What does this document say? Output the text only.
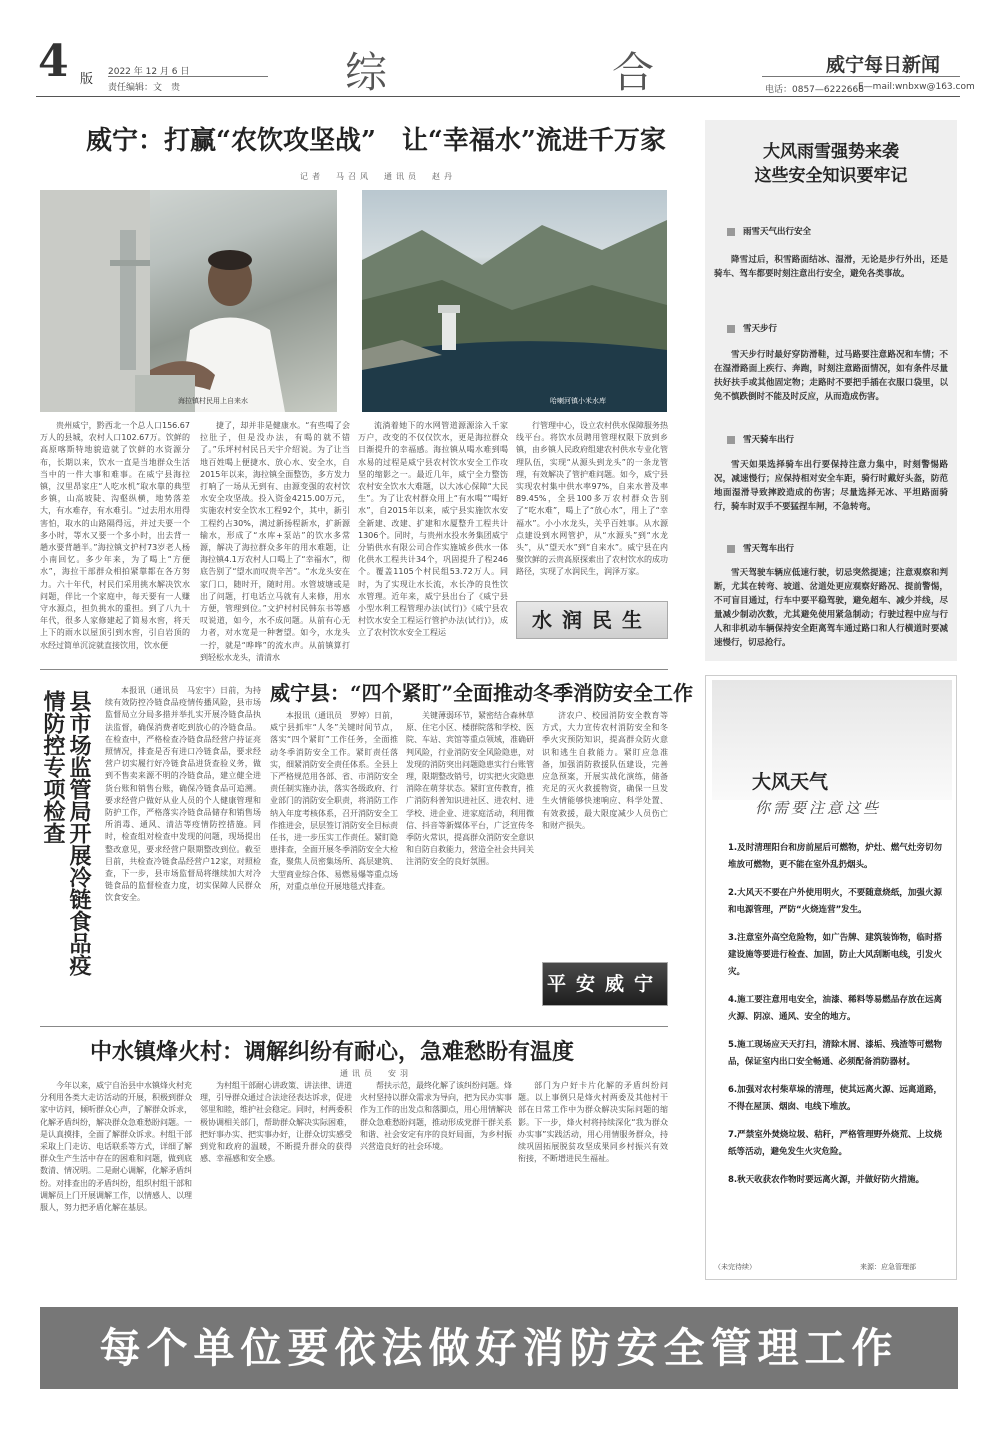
4 版 2022 年 12 月 6 日
责任编辑：文　贵	综	合	威宁每日新闻
电话：0857—6222668
E—mail:wnbxw@163.com
威宁：打赢“农饮攻坚战”　让“幸福水”流进千万家
记者　马召风　通讯员　赵丹
海拉镇村民用上自来水	哈喇河镇小米水库

贵州威宁，黔西北一个总人口156.67万人的县城，农村人口102.67万。饮鲜的高原喀斯特地貌造就了饮鲜的水资源分布，长期以来，饮水一直是当地群众生活当中的一件大事和难事。在威宁县海拉镇，汉里昂家庄“人吃水机”取水靠的典型乡镇，山高坡陡、沟壑纵横，地势落差大，有水难存，有水难引。“过去用水用得害怕，取水的山路隔得远，并过夫要一个多小时，等水又要一个多小时，出去背一趟水要背趟半。”海拉镇文护村73岁老人杨小南回忆。多少年来，为了喝上“方便水”，海拉干部群众相拍紧靠都在各方努力。六十年代，村民们采用挑水解决饮水问题，伴比一个家庭中，每天要有一人赚守水源点，担负挑水的重担。到了八九十年代，很多人家修建起了简易水窖，将天上下的雨水以屋顶引到水窖，引自岩顶的水经过简单沉淀就直接饮用，饮水便

捷了，却并非是健康水。“有些喝了会拉肚子，但是没办法，有喝的就不错了。”乐坪村村民吕天宇介绍说。为了让当地百姓喝上便捷水、放心水、安全水，自2015年以来，海拉镇全面整饬，多方发力打响了一场从无到有、由源变强的农村饮水安全攻坚战。投入资金4215.00万元，实施农村安全饮水工程92个，其中，新引工程约占30%，满过新扬程新水，扩新源输水，形成了“水库+泵站”的饮水多常源，解决了海拉群众多年的用水难题，让海拉镇4.1万农村人口喝上了“幸福水”，彻底告别了“望水而叹贵辛苦”。“水龙头安在家门口，随时开，随时用。水管坡塘或是出了问题，打电话立马就有人来修，用水方便，管理到位。”文护村村民韩东书等感叹说道，如今，水不成问题。从前有心无力者，对水宽是一种奢望。如今，水龙头一拧，就是“哗哗”的流水声。从前镇算打到轻松水龙头，清清水

流淌着她下的水网管道源源涂入千家万户，改变的不仅仅饮水，更是海拉群众日渐提升的幸福感。海拉镇从喝水难到喝水易的过程是威宁县农村饮水安全工作攻坚的缩影之一。最近几年，威宁全力整饬农村安全饮水大难题，以大冰心保障“大民生”。为了让农村群众用上“有水喝”“喝好水”，自2015年以来，威宁县实施饮水安全新建、改建、扩建和水厦整升工程共计1306个。同时，与贵州水投水务集团威宁分销供水有限公司合作实施城乡供水一体化供水工程共计34个，巩固提升了程246个。覆盖1105个村民组53.72万人。同时，为了实现让水长流，水长净的良性饮水管理。近年来，威宁县出台了《威宁县小型水利工程管理办法(试行)》《威宁县农村饮水安全工程运行管护办法(试行)》，成立了农村饮水安全工程运

行管理中心，设立农村供水保障服务热线平台。将饮水员聘用管理权限下放到乡镇，由乡镇人民政府组建农村供水专业化管理队伍，实现“从源头到龙头”的一条龙管理，有效解决了管护难问题。如今，威宁县实现农村集中供水率97%，自来水普及率89.45%，全县100多万农村群众告别了“吃水难”，喝上了“放心水”，用上了“幸福水”。小小水龙头，关乎百姓事。从水源点建设到水网管护，从“水源头”到“水龙头”，从“望天水”到“自来水”。威宁县在内聚饮鲜的云贵高原探索出了农村饮水的成功路径，实现了水润民生，润泽万家。

水润民生
县市场监管局开展冷链食品疫情防控专项检查	本报讯（通讯员　马宏宇）日前，为持续有效防控冷链食品疫情传播风险，县市场监督局立分局多措并举扎实开展冷链食品执法监督，确保消费者吃到放心的冷链食品。在检查中，严格检查冷链食品经营户持证亮照情况，排查是否有进口冷链食品，要求经营户切实履行好冷链食品进货查验义务，做到不售卖来源不明的冷链食品，建立健全进货台账和销售台账，确保冷链食品可追溯。要求经营户做好从业人员的个人健康管理和防护工作，严格落实冷链食品储存和销售场所消毒、通风、清洁等疫情防控措施。同时，检查组对检查中发现的问题，现场提出整改意见，要求经营户限期整改到位。截至目前，共检查冷链食品经营户12家，对照检查，下一步，县市场监督局将继续加大对冷链食品的监督检查力度，切实保障人民群众饮食安全。

威宁县：“四个紧盯”全面推动冬季消防安全工作

本报讯（通讯员　罗婷）日前，威宁县抓牢“人冬”关键时间节点，落实“四个紧盯”工作任务，全面推动冬季消防安全工作。紧盯责任落实，细紧消防安全责任体系。全县上下严格规范用各部、省、市消防安全责任制实施办法，落实各级政府、行业部门的消防安全职责，将消防工作纳入年度考核体系，召开消防安全工作推进会，层层签订消防安全目标责任书，进一步压实工作责任。紧盯隐患排查，全面开展冬季消防安全大检查，聚焦人员密集场所、高层建筑、大型商业综合体、易燃易爆等重点场所，对重点单位开展地毯式排查。

关键薄弱环节，紧密结合森林草原、住宅小区、楼群院落和学校、医院、车站、宾馆等重点领域，准确研判风险，行业消防安全风险隐患，对发现的消防突出问题隐患实行台账管理，限期整改销号，切实把火灾隐患消除在萌芽状态。紧盯宣传教育，推广消防科普知识进社区、进农村、进学校、进企业、进家庭活动，利用微信、抖音等新媒体平台，广泛宣传冬季防火常识，提高群众消防安全意识和自防自救能力，营造全社会共同关注消防安全的良好氛围。

济农户、校园消防安全教育等方式，大力宣传农村消防安全和冬季火灾预防知识，提高群众防火意识和逃生自救能力。紧盯应急准备，加强消防救援队伍建设，完善应急预案，开展实战化演练，储备充足的灭火救援物资，确保一旦发生火情能够快速响应、科学处置、有效救援，最大限度减少人员伤亡和财产损失。

平安威宁
中水镇烽火村：调解纠纷有耐心，急难愁盼有温度
通讯员　安羽

今年以来，威宁自治县中水镇烽火村充分利用各类大走访活动的开展，积极到群众家中访问，倾听群众心声，了解群众诉求，化解矛盾纠纷，解决群众急难愁盼问题。一是认真摸排，全面了解群众诉求。村组干部采取上门走访、电话联系等方式，详细了解群众生产生活中存在的困难和问题，做到底数清、情况明。二是耐心调解，化解矛盾纠纷。对排查出的矛盾纠纷，组织村组干部和调解员上门开展调解工作，以情感人、以理服人，努力把矛盾化解在基层。

为村组干部耐心讲政策、讲法律、讲道理，引导群众通过合法途径表达诉求，促进邻里和睦，维护社会稳定。同时，村两委积极协调相关部门，帮助群众解决实际困难，把好事办实、把实事办好，让群众切实感受到党和政府的温暖，不断提升群众的获得感、幸福感和安全感。

帮扶示范，最终化解了该纠纷问题。烽火村坚持以群众需求为导向，把为民办实事作为工作的出发点和落脚点，用心用情解决群众急难愁盼问题，推动形成党群干群关系和谐、社会安定有序的良好局面，为乡村振兴营造良好的社会环境。

部门为户好卡片化解的矛盾纠纷问题。以上事例只是烽火村两委及其他村干部在日常工作中为群众解决实际问题的缩影。下一步，烽火村将持续深化“我为群众办实事”实践活动，用心用情服务群众，持续巩固拓展脱贫攻坚成果同乡村振兴有效衔接，不断增进民生福祉。

大风雨雪强势来袭
这些安全知识要牢记
雨雪天气出行安全

降雪过后，积雪路面结冰、湿滑，无论是步行外出，还是骑车、驾车都要时刻注意出行安全，避免各类事故。

雪天步行

雪天步行时最好穿防滑鞋，过马路要注意路况和车情；不在湿滑路面上疾行、奔跑，时刻注意路面情况，如有条件尽量扶好扶手或其他固定物；走路时不要把手插在衣服口袋里，以免不慎跌倒时不能及时反应，从而造成伤害。

雪天骑车出行

雪天如果选择骑车出行要保持注意力集中，时刻警惕路况，减速慢行；应保持相对安全车距，骑行时戴好头盔，防范地面湿滑导致摔跤造成的伤害；尽量选择无冰、平坦路面骑行，骑车时双手不要猛捏车闸，不急转弯。

雪天驾车出行

雪天驾驶车辆应低速行驶，切忌突然提速；注意观察和判断，尤其在转弯、坡道、岔道处更应观察好路况、提前警惕，不可盲目通过，行车中要平稳驾驶，避免超车、减少并线，尽量减少制动次数，尤其避免使用紧急制动；行驶过程中应与行人和非机动车辆保持安全距离驾车通过路口和人行横道时要减速慢行，切忌抢行。

大风天气
你需要注意这些
1.及时清理阳台和房前屋后可燃物，炉灶、燃气灶旁切勿堆放可燃物，更不能在室外乱扔烟头。
2.大风天不要在户外使用明火，不要随意烧纸，加强火源和电源管理，严防“火烧连营”发生。
3.注意室外高空危险物，如广告牌、建筑装饰物，临时搭建设施等要进行检查、加固，防止大风刮断电线，引发火灾。
4.施工要注意用电安全，油漆、稀料等易燃品存放在远离火源、阴凉、通风、安全的地方。
5.施工现场应天天打扫，清除木屑、漆垢、残渣等可燃物品，保证室内出口安全畅通、必须配备消防器材。
6.加强对农村柴草垛的清理，使其远离火源、远离道路，不得在屋顶、烟囱、电线下堆放。
7.严禁室外焚烧垃圾、秸秆，严格管理野外烧荒、上坟烧纸等活动，避免发生火灾危险。
8.秋天收获农作物时要远离火源，并做好防火措施。
（未完待续）	来源：应急管理部
每个单位要依法做好消防安全管理工作
